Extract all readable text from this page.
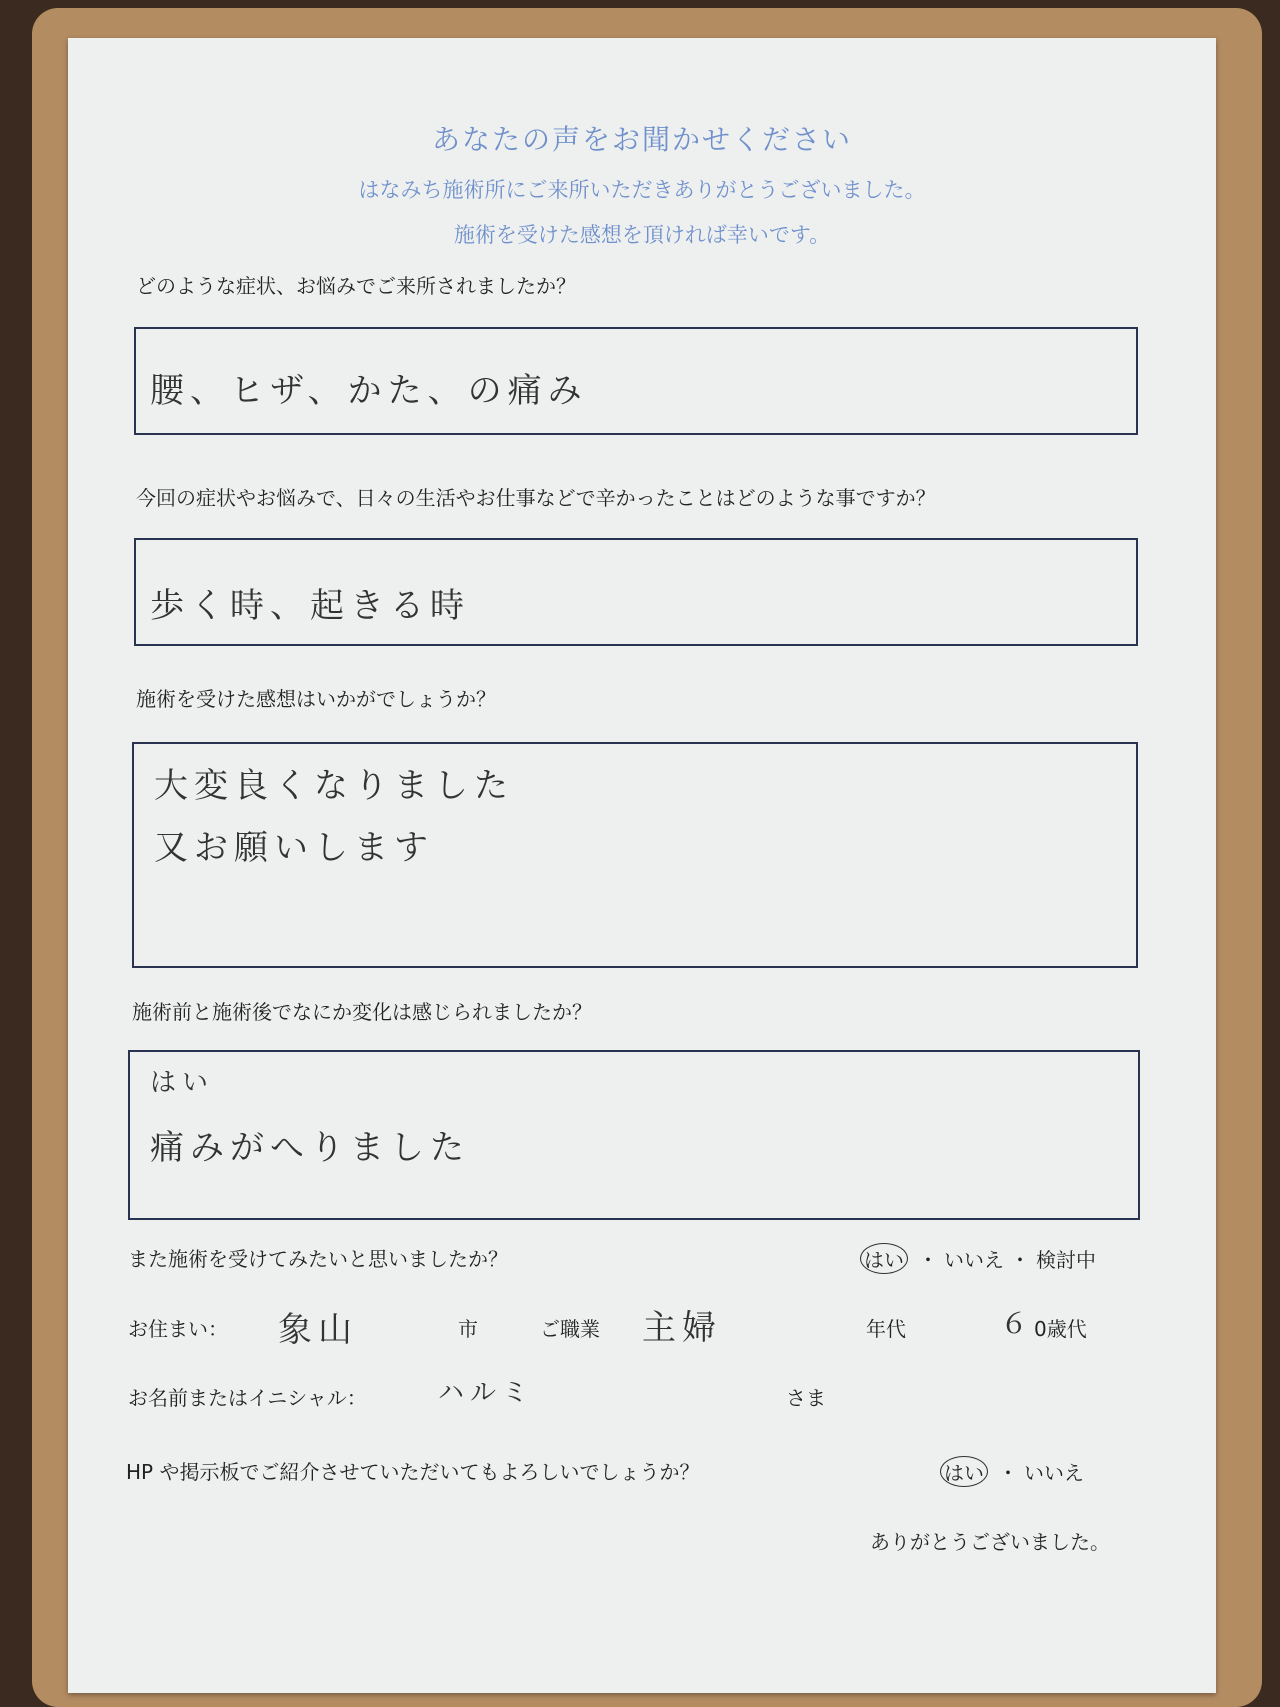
あなたの声をお聞かせください
はなみち施術所にご来所いただきありがとうございました。
施術を受けた感想を頂ければ幸いです。
どのような症状、お悩みでご来所されましたか？
腰、ヒザ、かた、の痛み
今回の症状やお悩みで、日々の生活やお仕事などで辛かったことはどのような事ですか？
歩く時、起きる時
施術を受けた感想はいかがでしょうか？
大変良くなりました
又お願いします
施術前と施術後でなにか変化は感じられましたか？
はい
痛みがへりました
また施術を受けてみたいと思いましたか？	はい ・ いいえ ・ 検討中
お住まい： 象山	市	ご職業 主婦	年代	６ 0歳代
お名前またはイニシャル：	ハルミ	さま
HP や掲示板でご紹介させていただいてもよろしいでしょうか？	はい ・ いいえ
ありがとうございました。
